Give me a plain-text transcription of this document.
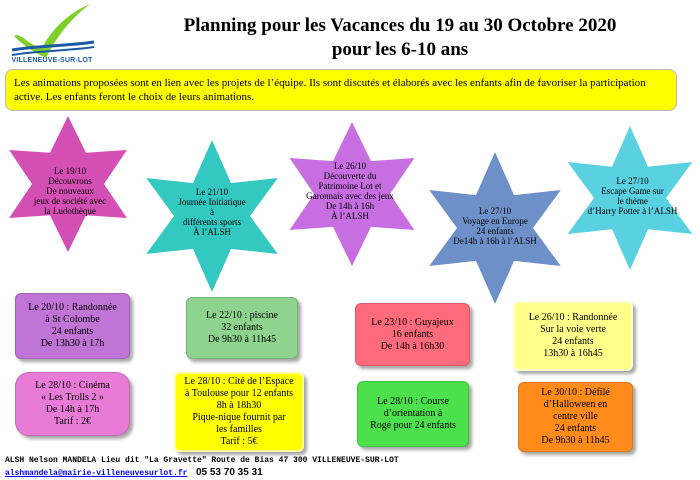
VILLENEUVE-SUR-LOT
Planning pour les Vacances du 19 au 30 Octobre 2020
pour les 6-10 ans
Les animations proposées sont en lien avec les projets de l’équipe. Ils sont discutés et élaborés avec les enfants afin de favoriser la participation active. Les enfants feront le choix de leurs animations.
Le 19/10
Découvrons
De nouveaux
jeux de société avec
la Ludothèque
Le 21/10
Journée Initiatique
à
différents sports
À l’ALSH
Le 26/10
Découverte du
Patrimoine Lot et
Garonnais avec des jeux
De 14h à 16h
À l’ALSH	Le 27/10
Voyage en Europe
24 enfants
De14h à 16h à l’ALSH
Le 27/10
Escape Game sur
le thème
d’Harry Potter à l’ALSH
Le 20/10 : Randonnée
à St Colombe
24 enfants
De 13h30 à 17h
Le 28/10 : Cinéma
« Les Trolls 2 »
De 14h à 17h
Tarif : 2€
Le 22/10 : piscine
32 enfants
De 9h30 à 11h45
Le 28/10 : Cité de l’Espace
à Toulouse pour 12 enfants
8h à 18h30
Pique-nique fournit par
les familles
Tarif : 5€
Le 23/10 : Guyajeux
16 enfants
De 14h à 16h30
Le 28/10 : Course
d’orientation à
Rogé pour 24 enfants
Le 26/10 : Randonnée
Sur la voie verte
24 enfants
13h30 à 16h45
Le 30/10 : Défilé
d’Halloween en
centre ville
24 enfants
De 9h30 à 11h45
ALSH Nelson MANDELA Lieu dit "La Gravette" Route de Bias 47 300 VILLENEUVE-SUR-LOT
alshmandela@mairie-villeneuvesurlot.fr 05 53 70 35 31
